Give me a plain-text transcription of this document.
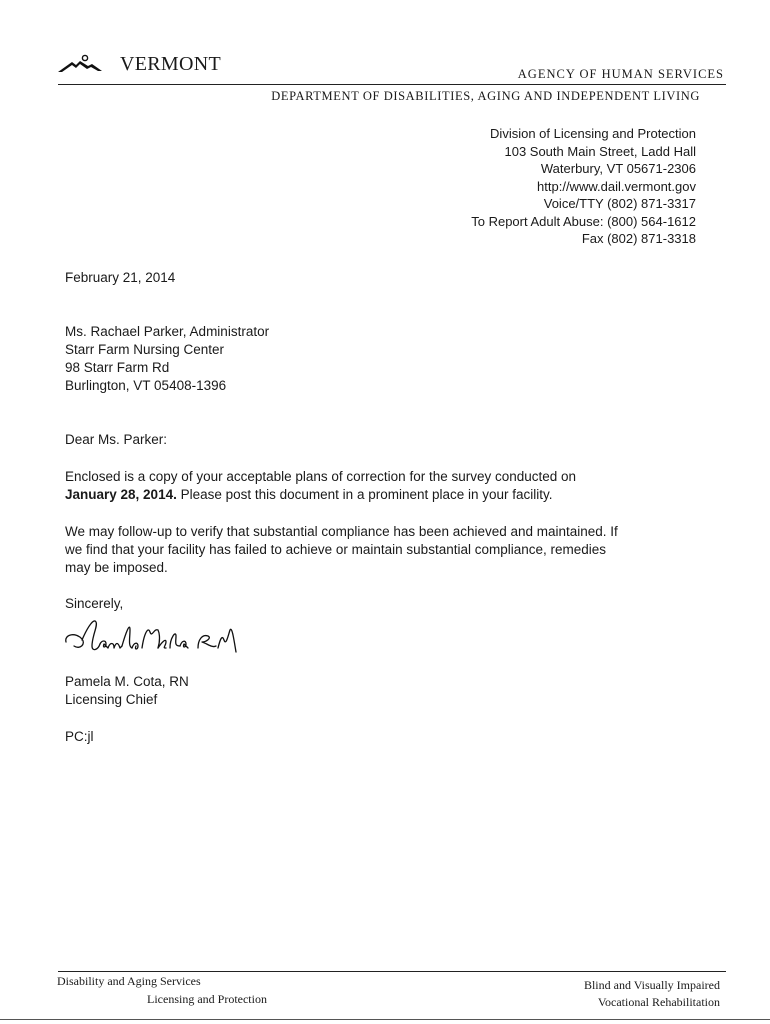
VERMONT	AGENCY OF HUMAN SERVICES
DEPARTMENT OF DISABILITIES, AGING AND INDEPENDENT LIVING
Division of Licensing and Protection
103 South Main Street, Ladd Hall
Waterbury, VT 05671-2306
http://www.dail.vermont.gov
Voice/TTY (802) 871-3317
To Report Adult Abuse: (800) 564-1612
Fax (802) 871-3318
February 21, 2014
Ms. Rachael Parker, Administrator
Starr Farm Nursing Center
98 Starr Farm Rd
Burlington, VT 05408-1396
Dear Ms. Parker:
Enclosed is a copy of your acceptable plans of correction for the survey conducted on
January 28, 2014. Please post this document in a prominent place in your facility.
We may follow-up to verify that substantial compliance has been achieved and maintained. If
we find that your facility has failed to achieve or maintain substantial compliance, remedies
may be imposed.
Sincerely,
Pamela M. Cota, RN
Licensing Chief
PC:jl
Disability and Aging Services
Licensing and Protection
Blind and Visually Impaired
Vocational Rehabilitation
